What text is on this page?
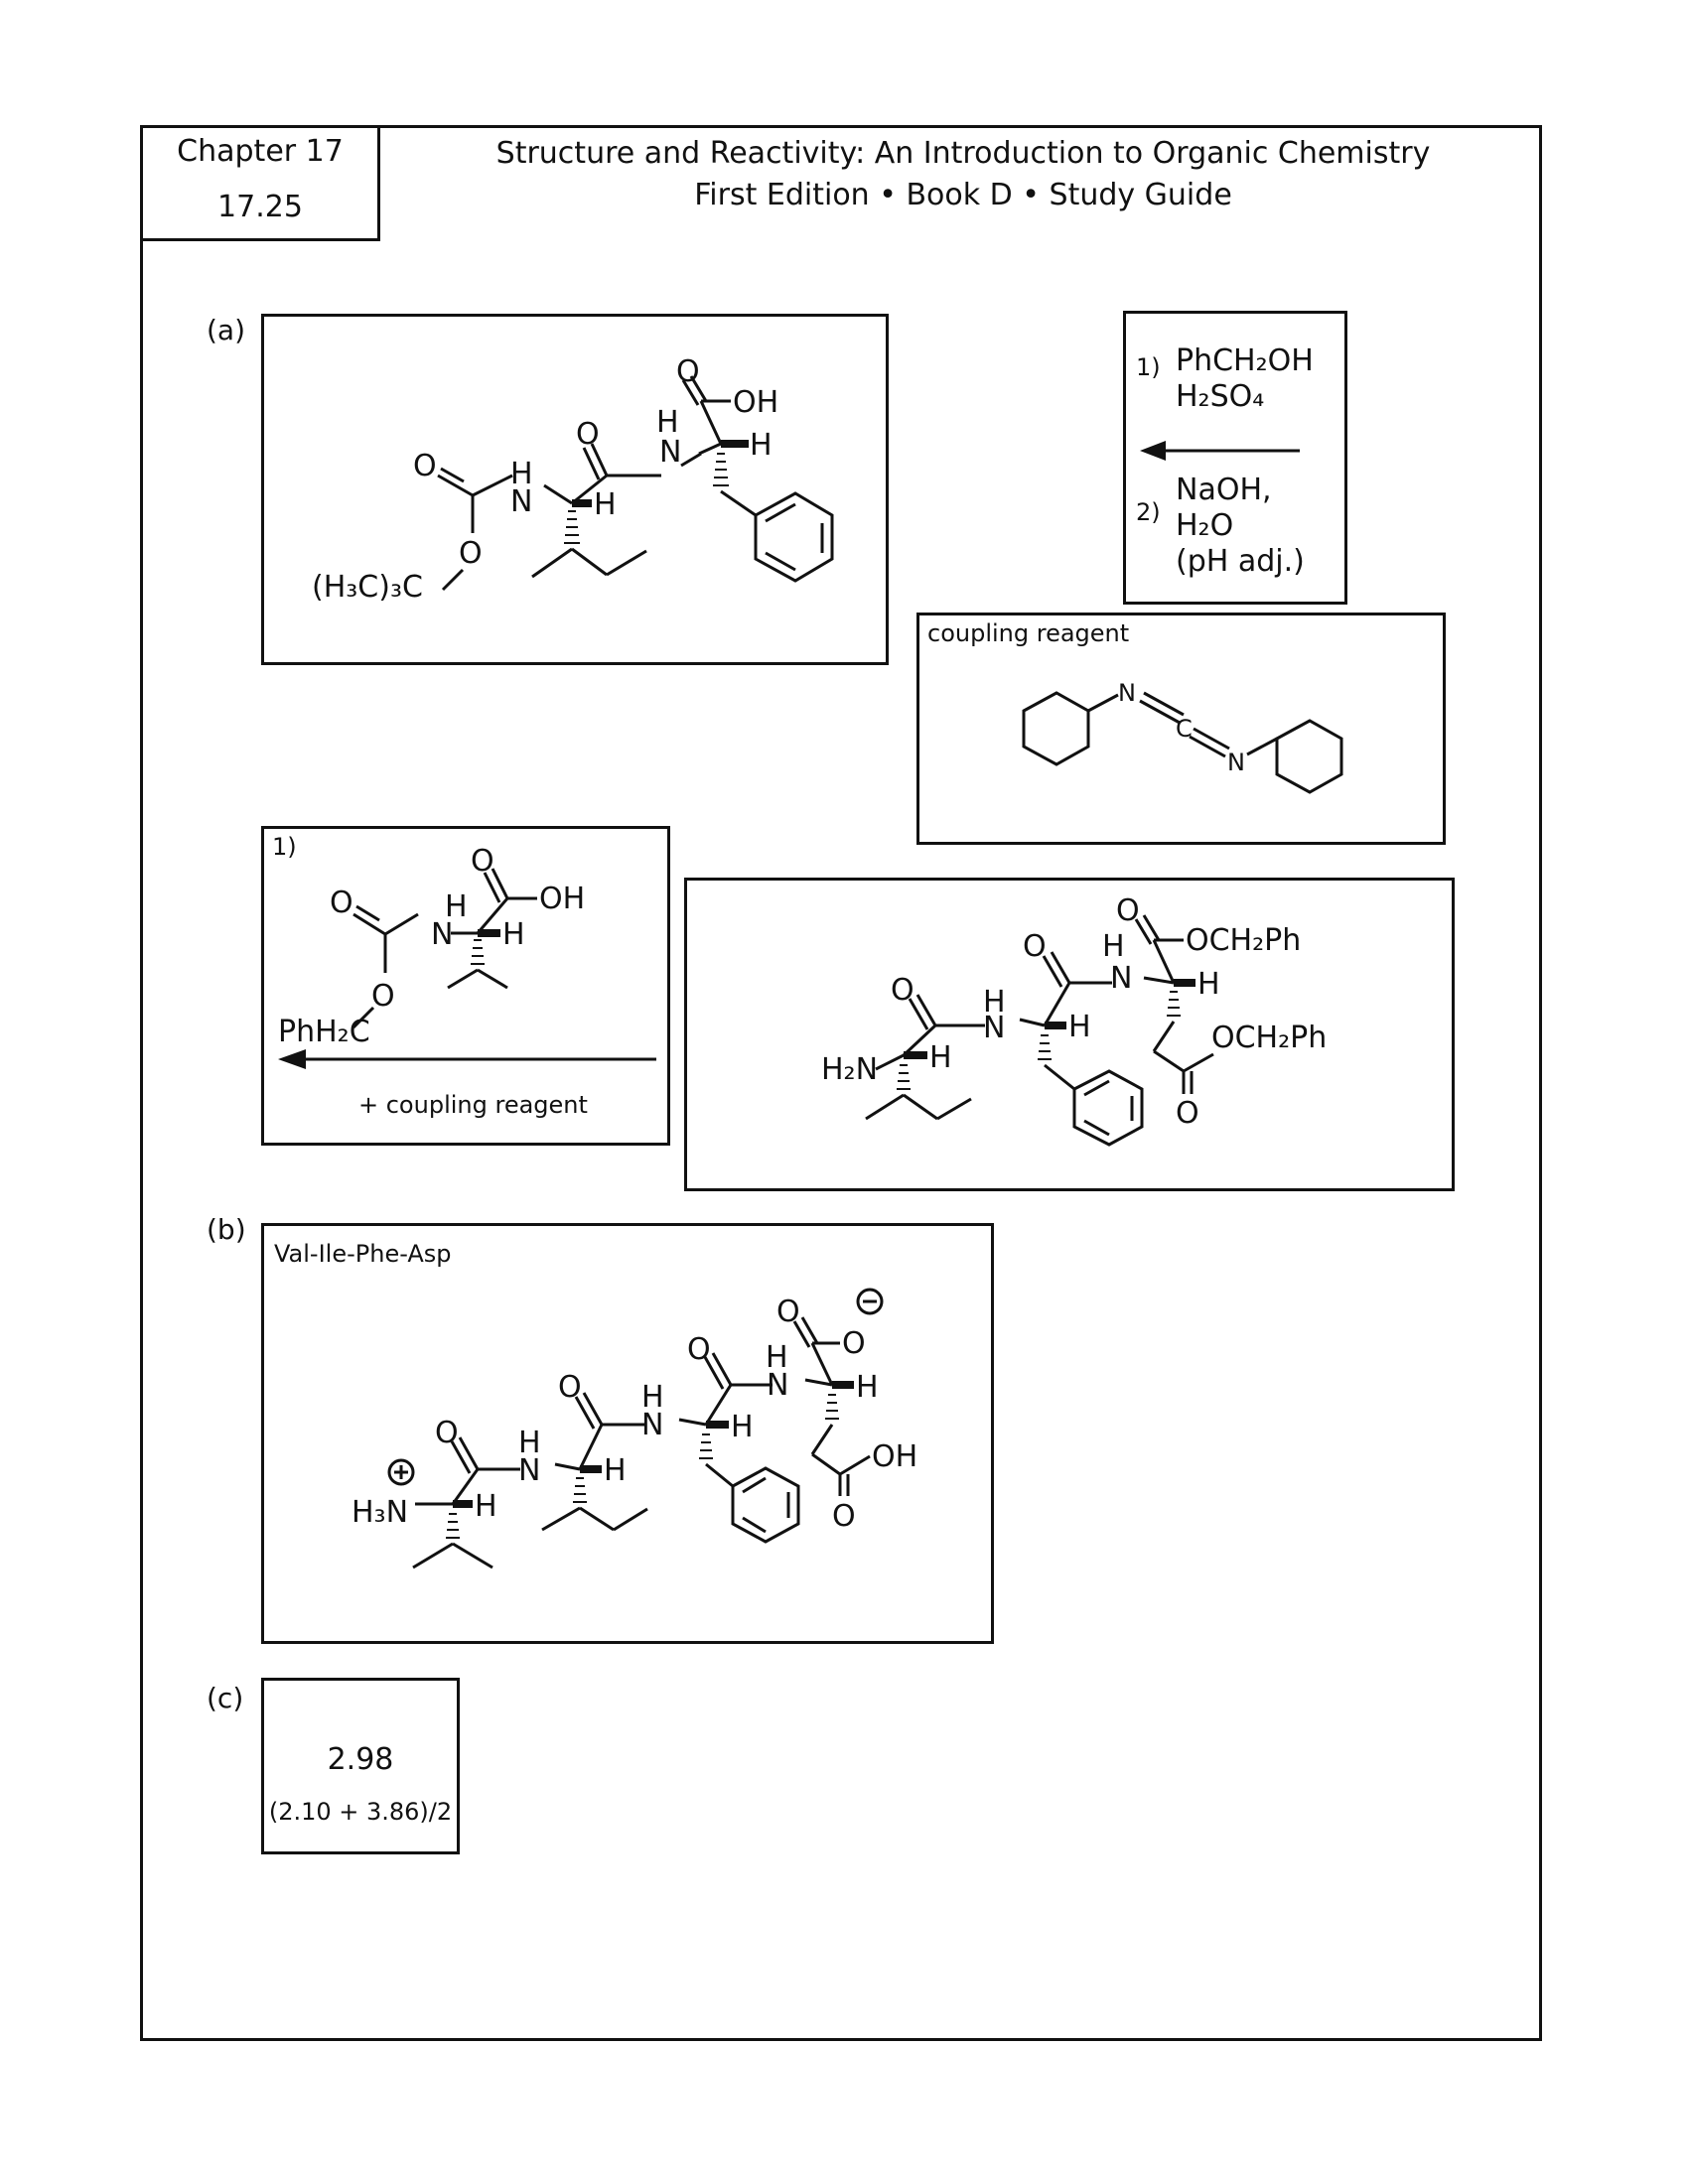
Chapter 17
17.25
Structure and Reactivity: An Introduction to Organic Chemistry
First Edition • Book D • Study Guide
(a)
O H
N
O
H
O H
N H
O
OH
(H₃C)₃C
1) PhCH₂OH
H₂SO₄
2)
NaOH,
H₂O
(pH adj.)
coupling reagent
N
C
N
1)
O	H
N H
O
OH
O
PhH₂C
+ coupling reagent
H₂N H
O H
N H
O H
N H
O
OCH₂Ph
OCH₂Ph
O
(b)
Val-Ile-Phe-Asp
H₃N H
O H
N H
O H
N H
O H
N H
O
O
OH
O
(c)
2.98
(2.10 + 3.86)/2
